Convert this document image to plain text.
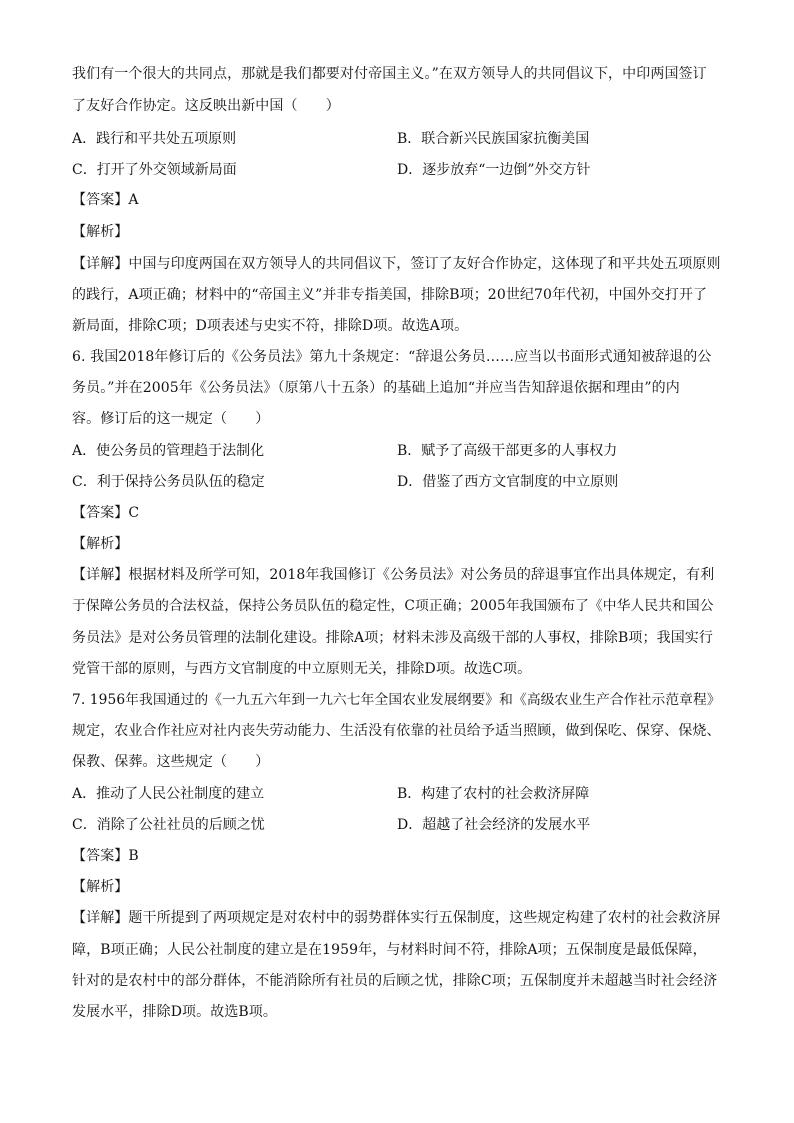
我们有一个很大的共同点，那就是我们都要对付帝国主义。”在双方领导人的共同倡议下，中印两国签订
了友好合作协定。这反映出新中国（　　）
A．践行和平共处五项原则	B．联合新兴民族国家抗衡美国
C．打开了外交领域新局面	D．逐步放弃“一边倒”外交方针
【答案】A
【解析】
【详解】中国与印度两国在双方领导人的共同倡议下，签订了友好合作协定，这体现了和平共处五项原则
的践行，A项正确；材料中的“帝国主义”并非专指美国，排除B项；20世纪70年代初，中国外交打开了
新局面，排除C项；D项表述与史实不符，排除D项。故选A项。
6. 我国2018年修订后的《公务员法》第九十条规定：“辞退公务员……应当以书面形式通知被辞退的公
务员。”并在2005年《公务员法》（原第八十五条）的基础上追加“并应当告知辞退依据和理由”的内
容。修订后的这一规定（　　）
A．使公务员的管理趋于法制化	B．赋予了高级干部更多的人事权力
C．利于保持公务员队伍的稳定	D．借鉴了西方文官制度的中立原则
【答案】C
【解析】
【详解】根据材料及所学可知，2018年我国修订《公务员法》对公务员的辞退事宜作出具体规定，有利
于保障公务员的合法权益，保持公务员队伍的稳定性，C项正确；2005年我国颁布了《中华人民共和国公
务员法》是对公务员管理的法制化建设。排除A项；材料未涉及高级干部的人事权，排除B项；我国实行
党管干部的原则，与西方文官制度的中立原则无关，排除D项。故选C项。
7. 1956年我国通过的《一九五六年到一九六七年全国农业发展纲要》和《高级农业生产合作社示范章程》
规定，农业合作社应对社内丧失劳动能力、生活没有依靠的社员给予适当照顾，做到保吃、保穿、保烧、
保教、保葬。这些规定（　　）
A．推动了人民公社制度的建立	B．构建了农村的社会救济屏障
C．消除了公社社员的后顾之忧	D．超越了社会经济的发展水平
【答案】B
【解析】
【详解】题干所提到了两项规定是对农村中的弱势群体实行五保制度，这些规定构建了农村的社会救济屏
障，B项正确；人民公社制度的建立是在1959年，与材料时间不符，排除A项；五保制度是最低保障，
针对的是农村中的部分群体，不能消除所有社员的后顾之忧，排除C项；五保制度并未超越当时社会经济
发展水平，排除D项。故选B项。
